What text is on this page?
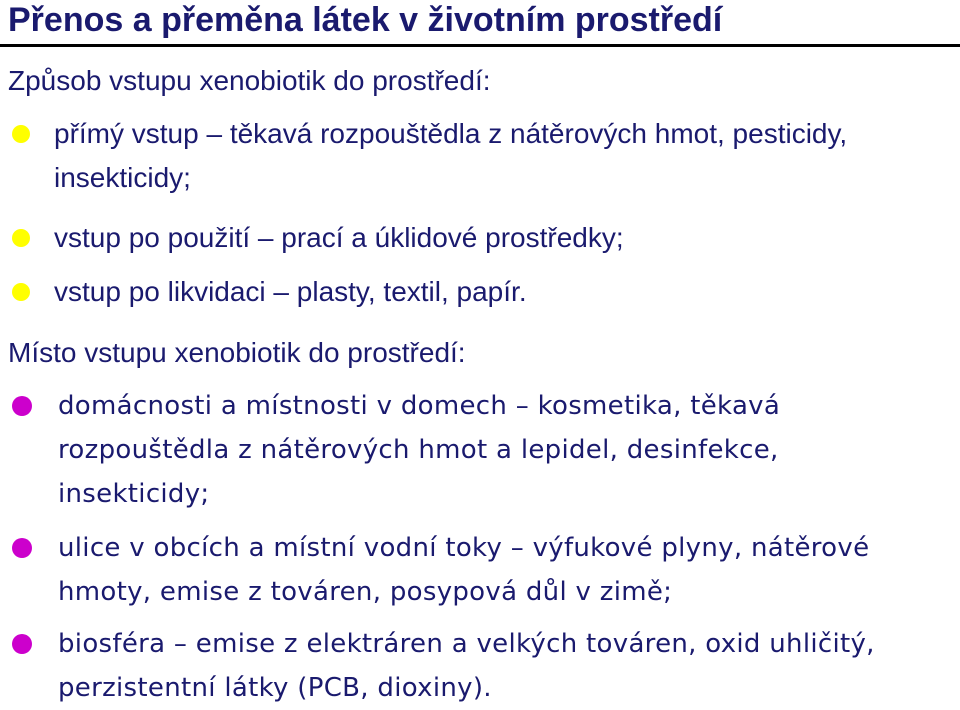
Přenos a přeměna látek v životním prostředí
Způsob vstupu xenobiotik do prostředí:
přímý vstup – těkavá rozpouštědla z nátěrových hmot, pesticidy, insekticidy;
vstup po použití – prací a úklidové prostředky;
vstup po likvidaci – plasty, textil, papír.
Místo vstupu xenobiotik do prostředí:
domácnosti a místnosti v domech – kosmetika, těkavá rozpouštědla z nátěrových hmot a lepidel, desinfekce, insekticidy;
ulice v obcích a místní vodní toky – výfukové plyny, nátěrové hmoty, emise z továren, posypová důl v zimě;
biosféra – emise z elektráren a velkých továren, oxid uhličitý, perzistentní látky (PCB, dioxiny).
